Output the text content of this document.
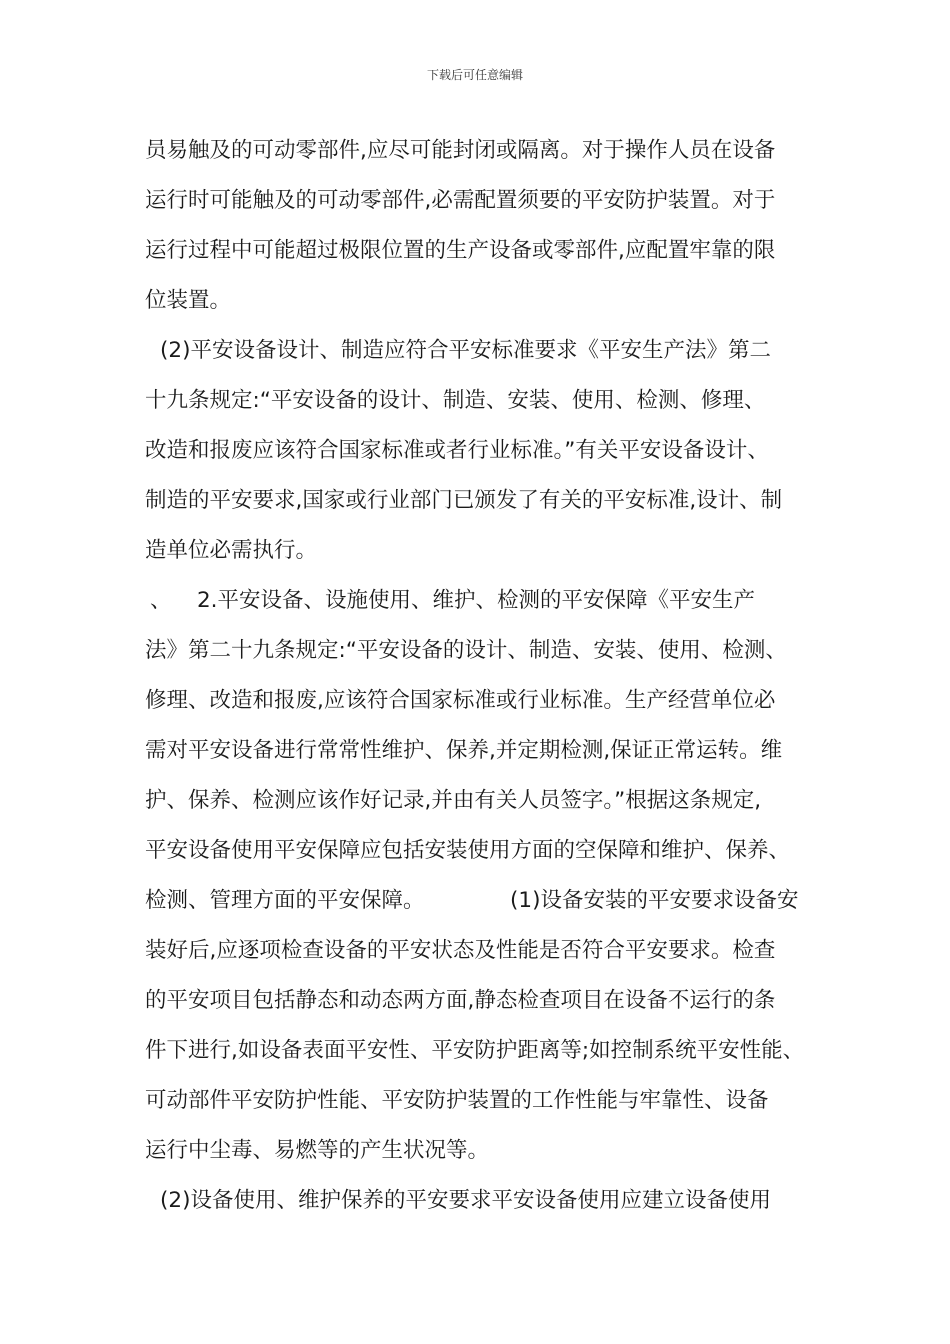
下载后可任意编辑
员易触及的可动零部件,应尽可能封闭或隔离。对于操作人员在设备
运行时可能触及的可动零部件,必需配置须要的平安防护装置。对于
运行过程中可能超过极限位置的生产设备或零部件,应配置牢靠的限
位装置。
(2)平安设备设计、制造应符合平安标准要求《平安生产法》第二
十九条规定:“平安设备的设计、制造、安装、使用、检测、修理、
改造和报废应该符合国家标准或者行业标准。”有关平安设备设计、
制造的平安要求,国家或行业部门已颁发了有关的平安标准,设计、制
造单位必需执行。
、 2.平安设备、设施使用、维护、检测的平安保障《平安生产
法》第二十九条规定:“平安设备的设计、制造、安装、使用、检测、
修理、改造和报废,应该符合国家标准或行业标准。生产经营单位必
需对平安设备进行常常性维护、保养,并定期检测,保证正常运转。维
护、保养、检测应该作好记录,并由有关人员签字。”根据这条规定,
平安设备使用平安保障应包括安装使用方面的空保障和维护、保养、
检测、管理方面的平安保障。	(1)设备安装的平安要求设备安
装好后,应逐项检查设备的平安状态及性能是否符合平安要求。检查
的平安项目包括静态和动态两方面,静态检查项目在设备不运行的条
件下进行,如设备表面平安性、平安防护距离等;如控制系统平安性能、
可动部件平安防护性能、平安防护装置的工作性能与牢靠性、设备
运行中尘毒、易燃等的产生状况等。
(2)设备使用、维护保养的平安要求平安设备使用应建立设备使用
